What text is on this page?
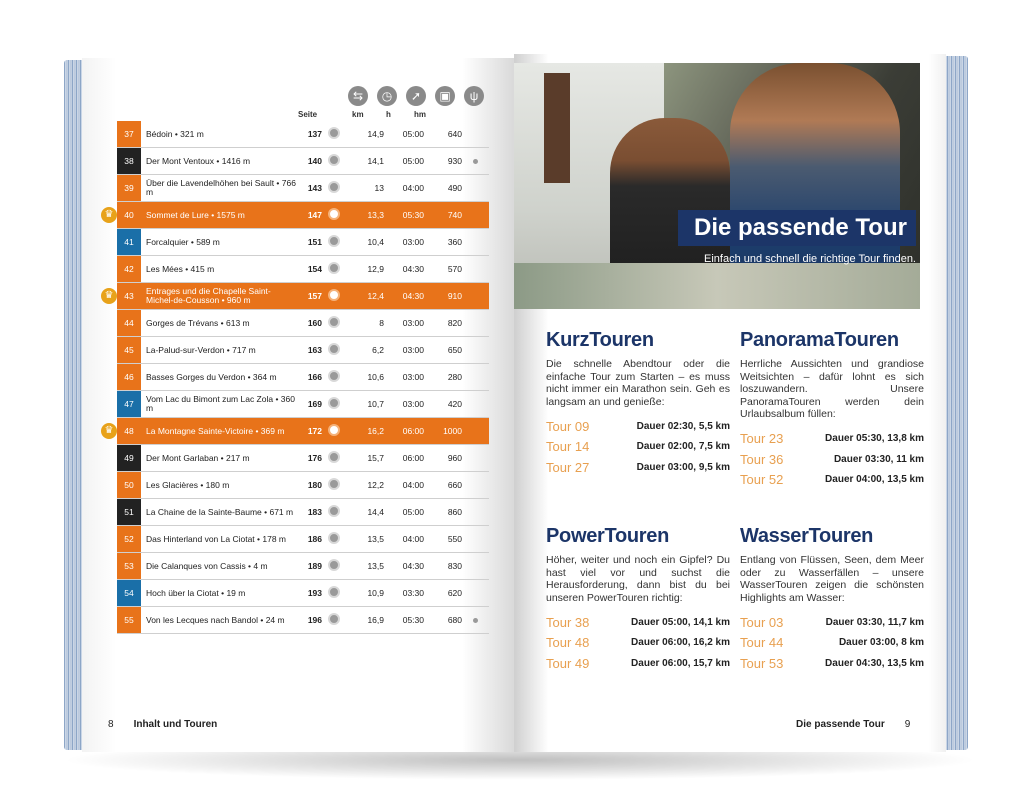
⇆	◷	➚	▣	ψ
Seite	km	h	hm
37	Bédoin • 321 m	137		14,9	05:00	640	
38	Der Mont Ventoux • 1416 m	140		14,1	05:00	930	
39	Über die Lavendelhöhen bei Sault • 766 m	143		13	04:00	490	
40	Sommet de Lure • 1575 m	147		13,3	05:30	740	
41	Forcalquier • 589 m	151		10,4	03:00	360	
42	Les Mées • 415 m	154		12,9	04:30	570	
43	Entrages und die Chapelle Saint-Michel-de-Cousson • 960 m	157		12,4	04:30	910	
44	Gorges de Trévans • 613 m	160		8	03:00	820	
45	La-Palud-sur-Verdon • 717 m	163		6,2	03:00	650	
46	Basses Gorges du Verdon • 364 m	166		10,6	03:00	280	
47	Vom Lac du Bimont zum Lac Zola • 360 m	169		10,7	03:00	420	
48	La Montagne Sainte-Victoire • 369 m	172		16,2	06:00	1000	
49	Der Mont Garlaban • 217 m	176		15,7	06:00	960	
50	Les Glacières • 180 m	180		12,2	04:00	660	
51	La Chaine de la Sainte-Baume • 671 m	183		14,4	05:00	860	
52	Das Hinterland von La Ciotat • 178 m	186		13,5	04:00	550	
53	Die Calanques von Cassis • 4 m	189		13,5	04:30	830	
54	Hoch über la Ciotat • 19 m	193		10,9	03:30	620	
55	Von les Lecques nach Bandol • 24 m	196		16,9	05:30	680	
♛
♛
♛
8 Inhalt und Touren
Die passende Tour
Einfach und schnell die richtige Tour finden.
KurzTouren

Die schnelle Abendtour oder die einfache Tour zum Starten – es muss nicht immer ein Marathon sein. Geh es langsam an und genieße:

Tour 09	Dauer 02:30, 5,5 km
Tour 14	Dauer 02:00, 7,5 km
Tour 27	Dauer 03:00, 9,5 km
PanoramaTouren

Herrliche Aussichten und grandiose Weitsichten – dafür lohnt es sich loszuwandern. Unsere PanoramaTouren werden dein Urlaubsalbum füllen:

Tour 23	Dauer 05:30, 13,8 km
Tour 36	Dauer 03:30, 11 km
Tour 52	Dauer 04:00, 13,5 km
PowerTouren

Höher, weiter und noch ein Gipfel? Du hast viel vor und suchst die Herausforderung, dann bist du bei unseren PowerTouren richtig:

Tour 38	Dauer 05:00, 14,1 km
Tour 48	Dauer 06:00, 16,2 km
Tour 49	Dauer 06:00, 15,7 km
WasserTouren

Entlang von Flüssen, Seen, dem Meer oder zu Wasserfällen – unsere WasserTouren zeigen die schönsten Highlights am Wasser:

Tour 03	Dauer 03:30, 11,7 km
Tour 44	Dauer 03:00, 8 km
Tour 53	Dauer 04:30, 13,5 km
Die passende Tour 9
